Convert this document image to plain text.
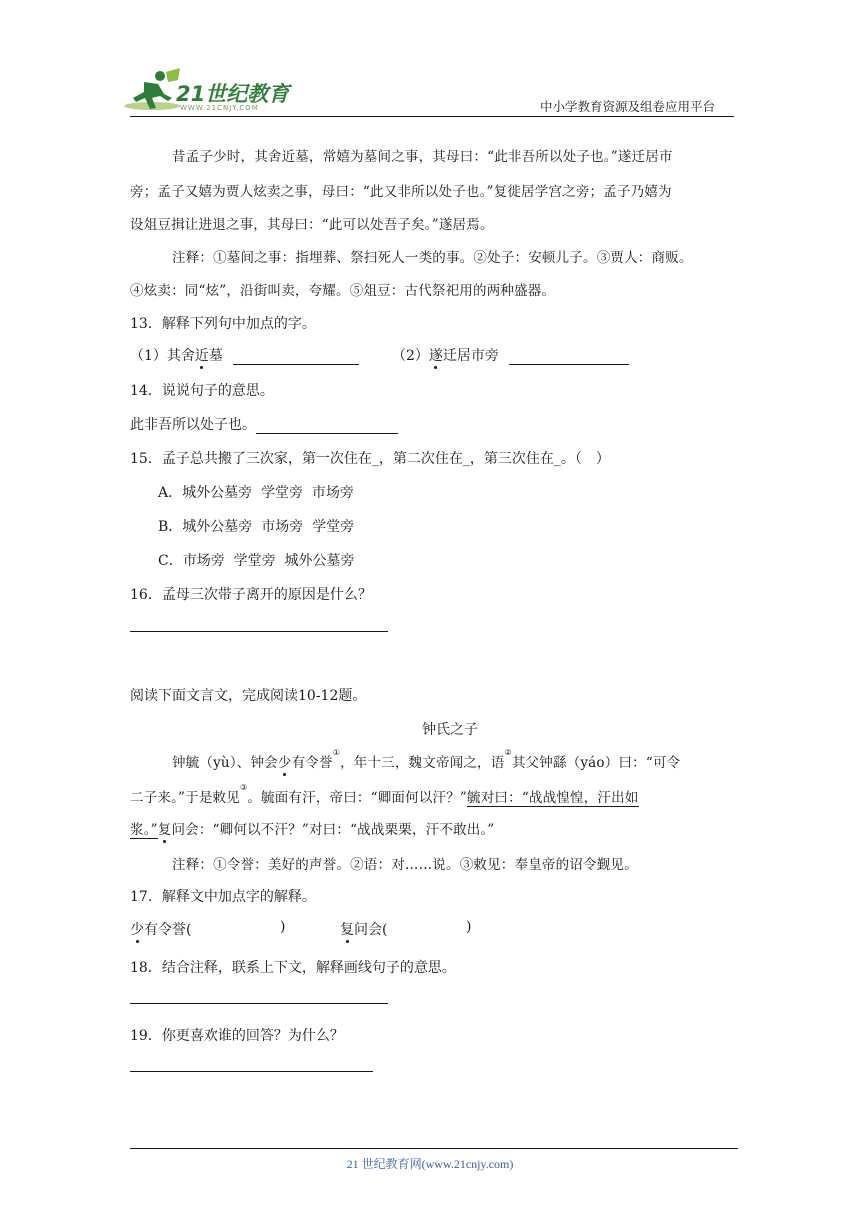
21世纪教育
WWW.21CNJY.COM	中小学教育资源及组卷应用平台
昔孟子少时，其舍近墓，常嬉为墓间之事，其母曰：“此非吾所以处子也。”遂迁居市
旁；孟子又嬉为贾人炫卖之事，母曰：“此又非所以处子也。”复徙居学宫之旁；孟子乃嬉为
设俎豆揖让进退之事，其母曰：“此可以处吾子矣。”遂居焉。
注释：①墓间之事：指埋葬、祭扫死人一类的事。②处子：安顿儿子。③贾人：商贩。
④炫卖：同“炫”，沿街叫卖，夸耀。⑤俎豆：古代祭祀用的两种盛器。
13．解释下列句中加点的字。
（1）其舍近墓	（2）遂迁居市旁
14．说说句子的意思。
此非吾所以处子也。
15．孟子总共搬了三次家，第一次住在_，第二次住在_，第三次住在_。（　）
A．城外公墓旁  学堂旁  市场旁
B．城外公墓旁  市场旁  学堂旁
C．市场旁  学堂旁  城外公墓旁
16．孟母三次带子离开的原因是什么？
阅读下面文言文，完成阅读10-12题。
钟氏之子
钟毓（yù）、钟会少有令誉①，年十三，魏文帝闻之，语②其父钟繇（yáo）曰：“可令
二子来。”于是敕见③。毓面有汗，帝曰：“卿面何以汗？”毓对曰：“战战惶惶，汗出如
浆。”复问会：“卿何以不汗？”对曰：“战战栗栗，汗不敢出。”
注释：①令誉：美好的声誉。②语：对……说。③敕见：奉皇帝的诏令觐见。
17．解释文中加点字的解释。
少有令誉(	)	复问会(	)
18．结合注释，联系上下文，解释画线句子的意思。
19．你更喜欢谁的回答？为什么？
21 世纪教育网(www.21cnjy.com)
